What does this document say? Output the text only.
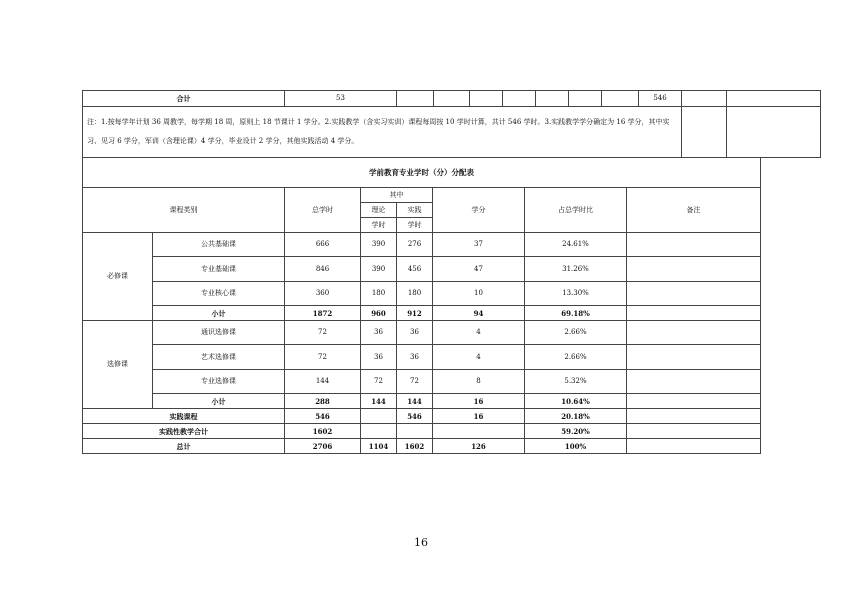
合计	53								546		
注：1.按每学年计划 36 周教学，每学期 18 周，原则上 18 节课计 1 学分。2.实践教学（含实习实训）课程每周按 10 学时计算，共计 546 学时。3.实践教学学分确定为 16 学分，其中实习、见习 6 学分，军训（含理论课）4 学分，毕业设计 2 学分，其他实践活动 4 学分。											
学前教育专业学时（分）分配表							
课程类别		总学时	其中		学分	占总学时比	备注
			理论	实践			
			学时	学时			
必修课	公共基础课	666	390	276	37	24.61%	
	专业基础课	846	390	456	47	31.26%	
	专业核心课	360	180	180	10	13.30%	
	小计	1872	960	912	94	69.18%	
选修课	通识选修课	72	36	36	4	2.66%	
	艺术选修课	72	36	36	4	2.66%	
	专业选修课	144	72	72	8	5.32%	
	小计	288	144	144	16	10.64%	
实践课程		546		546	16	20.18%	
实践性教学合计		1602				59.20%	
总计		2706	1104	1602	126	100%	
16
